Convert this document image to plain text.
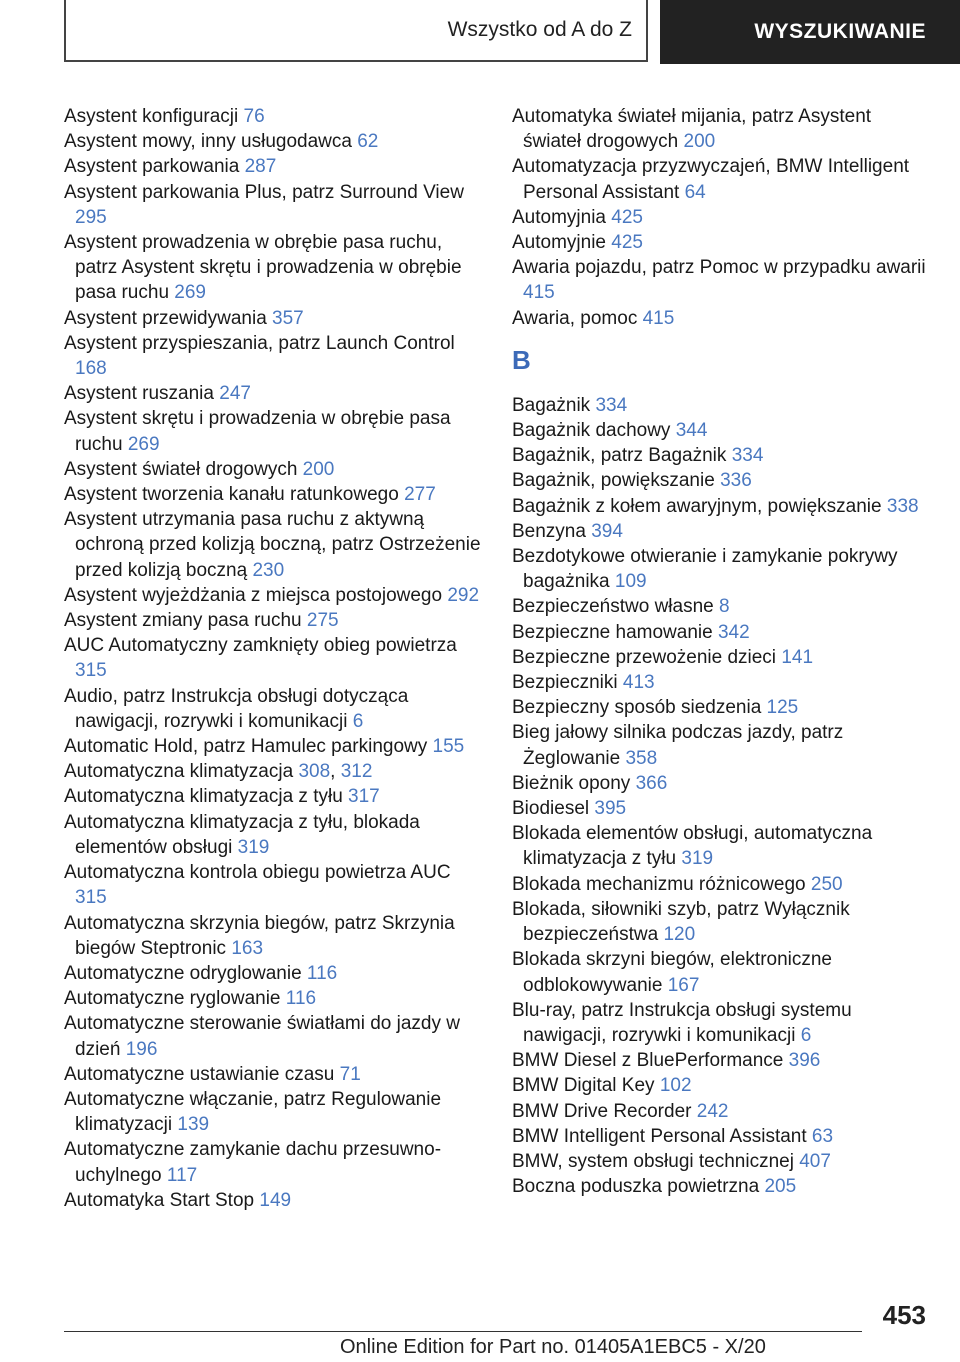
Wszystko od A do Z	WYSZUKIWANIE
Asystent konfiguracji 76
Asystent mowy, inny usługodawca 62
Asystent parkowania 287
Asystent parkowania Plus, patrz Surround View 295
Asystent prowadzenia w obrębie pasa ruchu, patrz Asystent skrętu i prowadzenia w obrębie pasa ruchu 269
Asystent przewidywania 357
Asystent przyspieszania, patrz Launch Control 168
Asystent ruszania 247
Asystent skrętu i prowadzenia w obrębie pasa ruchu 269
Asystent świateł drogowych 200
Asystent tworzenia kanału ratunkowego 277
Asystent utrzymania pasa ruchu z aktywną ochroną przed kolizją boczną, patrz Ostrzeżenie przed kolizją boczną 230
Asystent wyjeżdżania z miejsca postojowego 292
Asystent zmiany pasa ruchu 275
AUC Automatyczny zamknięty obieg powietrza 315
Audio, patrz Instrukcja obsługi dotycząca nawigacji, rozrywki i komunikacji 6
Automatic Hold, patrz Hamulec parkingowy 155
Automatyczna klimatyzacja 308, 312
Automatyczna klimatyzacja z tyłu 317
Automatyczna klimatyzacja z tyłu, blokada elementów obsługi 319
Automatyczna kontrola obiegu powietrza AUC 315
Automatyczna skrzynia biegów, patrz Skrzynia biegów Steptronic 163
Automatyczne odryglowanie 116
Automatyczne ryglowanie 116
Automatyczne sterowanie światłami do jazdy w dzień 196
Automatyczne ustawianie czasu 71
Automatyczne włączanie, patrz Regulowanie klimatyzacji 139
Automatyczne zamykanie dachu przesuwno-uchylnego 117
Automatyka Start Stop 149
Automatyka świateł mijania, patrz Asystent świateł drogowych 200
Automatyzacja przyzwyczajeń, BMW Intelligent Personal Assistant 64
Automyjnia 425
Automyjnie 425
Awaria pojazdu, patrz Pomoc w przypadku awarii 415
Awaria, pomoc 415
B
Bagażnik 334
Bagażnik dachowy 344
Bagażnik, patrz Bagażnik 334
Bagażnik, powiększanie 336
Bagażnik z kołem awaryjnym, powiększanie 338
Benzyna 394
Bezdotykowe otwieranie i zamykanie pokrywy bagażnika 109
Bezpieczeństwo własne 8
Bezpieczne hamowanie 342
Bezpieczne przewożenie dzieci 141
Bezpieczniki 413
Bezpieczny sposób siedzenia 125
Bieg jałowy silnika podczas jazdy, patrz Żeglowanie 358
Bieżnik opony 366
Biodiesel 395
Blokada elementów obsługi, automatyczna klimatyzacja z tyłu 319
Blokada mechanizmu różnicowego 250
Blokada, siłowniki szyb, patrz Wyłącznik bezpieczeństwa 120
Blokada skrzyni biegów, elektroniczne odblokowywanie 167
Blu-ray, patrz Instrukcja obsługi systemu nawigacji, rozrywki i komunikacji 6
BMW Diesel z BluePerformance 396
BMW Digital Key 102
BMW Drive Recorder 242
BMW Intelligent Personal Assistant 63
BMW, system obsługi technicznej 407
Boczna poduszka powietrzna 205
453
Online Edition for Part no. 01405A1EBC5 - X/20
